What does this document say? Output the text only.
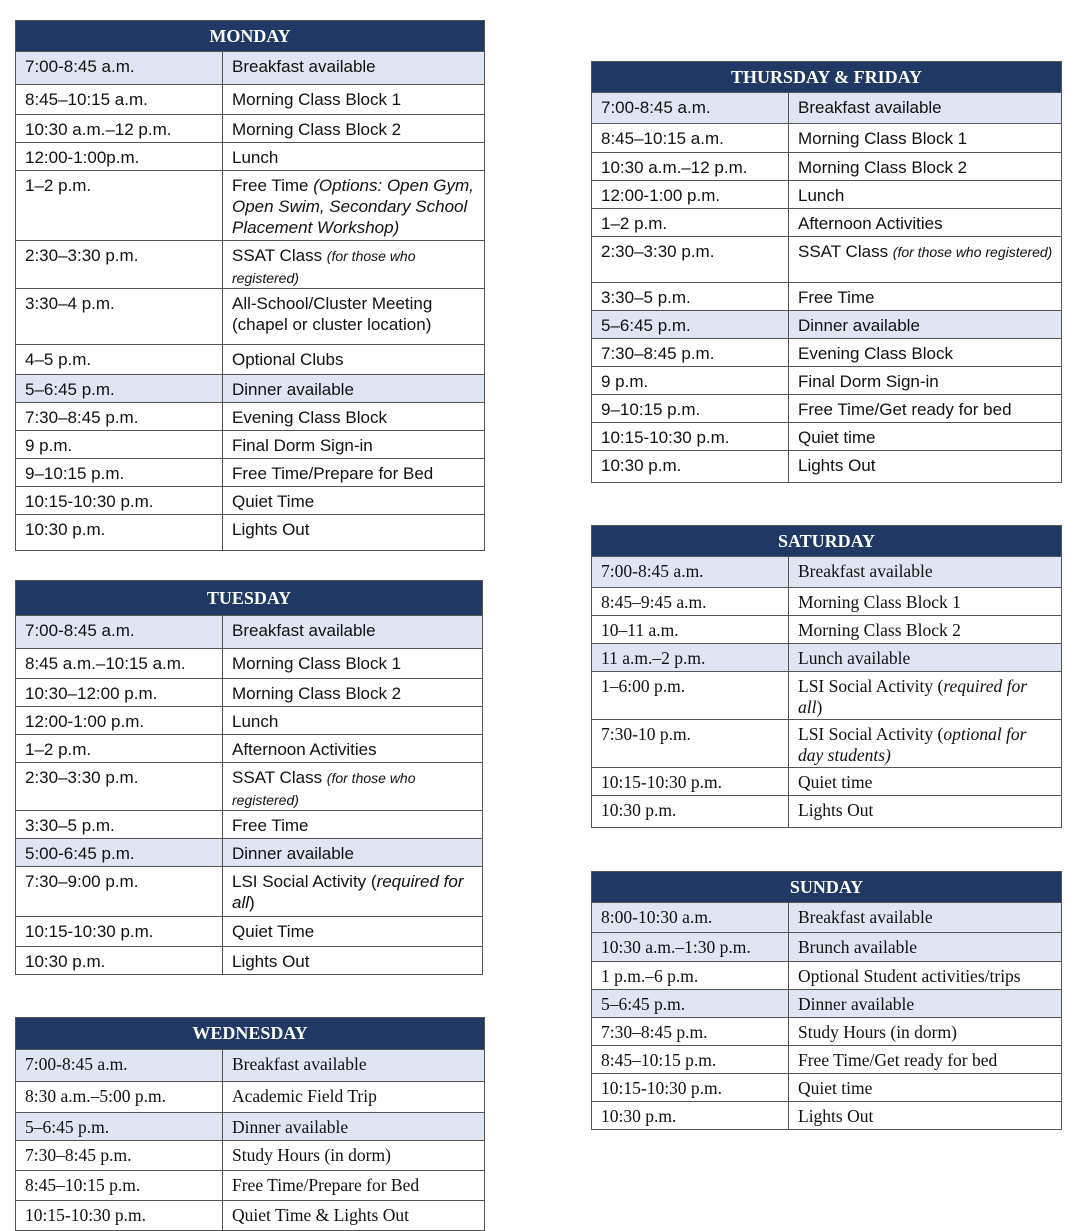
MONDAY
7:00-8:45 a.m.	Breakfast available
8:45–10:15 a.m.	Morning Class Block 1
10:30 a.m.–12 p.m.	Morning Class Block 2
12:00-1:00p.m.	Lunch
1–2 p.m.	Free Time (Options: Open Gym, Open Swim, Secondary School Placement Workshop)
2:30–3:30 p.m.	SSAT Class (for those who registered)
3:30–4 p.m.	All-School/Cluster Meeting (chapel or cluster location)
4–5 p.m.	Optional Clubs
5–6:45 p.m.	Dinner available
7:30–8:45 p.m.	Evening Class Block
9 p.m.	Final Dorm Sign-in
9–10:15 p.m.	Free Time/Prepare for Bed
10:15-10:30 p.m.	Quiet Time
10:30 p.m.	Lights Out
TUESDAY
7:00-8:45 a.m.	Breakfast available
8:45 a.m.–10:15 a.m.	Morning Class Block 1
10:30–12:00 p.m.	Morning Class Block 2
12:00-1:00 p.m.	Lunch
1–2 p.m.	Afternoon Activities
2:30–3:30 p.m.	SSAT Class (for those who registered)
3:30–5 p.m.	Free Time
5:00-6:45 p.m.	Dinner available
7:30–9:00 p.m.	LSI Social Activity (required for all)
10:15-10:30 p.m.	Quiet Time
10:30 p.m.	Lights Out
WEDNESDAY
7:00-8:45 a.m.	Breakfast available
8:30 a.m.–5:00 p.m.	Academic Field Trip
5–6:45 p.m.	Dinner available
7:30–8:45 p.m.	Study Hours (in dorm)
8:45–10:15 p.m.	Free Time/Prepare for Bed
10:15-10:30 p.m.	Quiet Time & Lights Out
THURSDAY & FRIDAY
7:00-8:45 a.m.	Breakfast available
8:45–10:15 a.m.	Morning Class Block 1
10:30 a.m.–12 p.m.	Morning Class Block 2
12:00-1:00 p.m.	Lunch
1–2 p.m.	Afternoon Activities
2:30–3:30 p.m.	SSAT Class (for those who registered)
3:30–5 p.m.	Free Time
5–6:45 p.m.	Dinner available
7:30–8:45 p.m.	Evening Class Block
9 p.m.	Final Dorm Sign-in
9–10:15 p.m.	Free Time/Get ready for bed
10:15-10:30 p.m.	Quiet time
10:30 p.m.	Lights Out
SATURDAY
7:00-8:45 a.m.	Breakfast available
8:45–9:45 a.m.	Morning Class Block 1
10–11 a.m.	Morning Class Block 2
11 a.m.–2 p.m.	Lunch available
1–6:00 p.m.	LSI Social Activity (required for all)
7:30-10 p.m.	LSI Social Activity (optional for day students)
10:15-10:30 p.m.	Quiet time
10:30 p.m.	Lights Out
SUNDAY
8:00-10:30 a.m.	Breakfast available
10:30 a.m.–1:30 p.m.	Brunch available
1 p.m.–6 p.m.	Optional Student activities/trips
5–6:45 p.m.	Dinner available
7:30–8:45 p.m.	Study Hours (in dorm)
8:45–10:15 p.m.	Free Time/Get ready for bed
10:15-10:30 p.m.	Quiet time
10:30 p.m.	Lights Out
